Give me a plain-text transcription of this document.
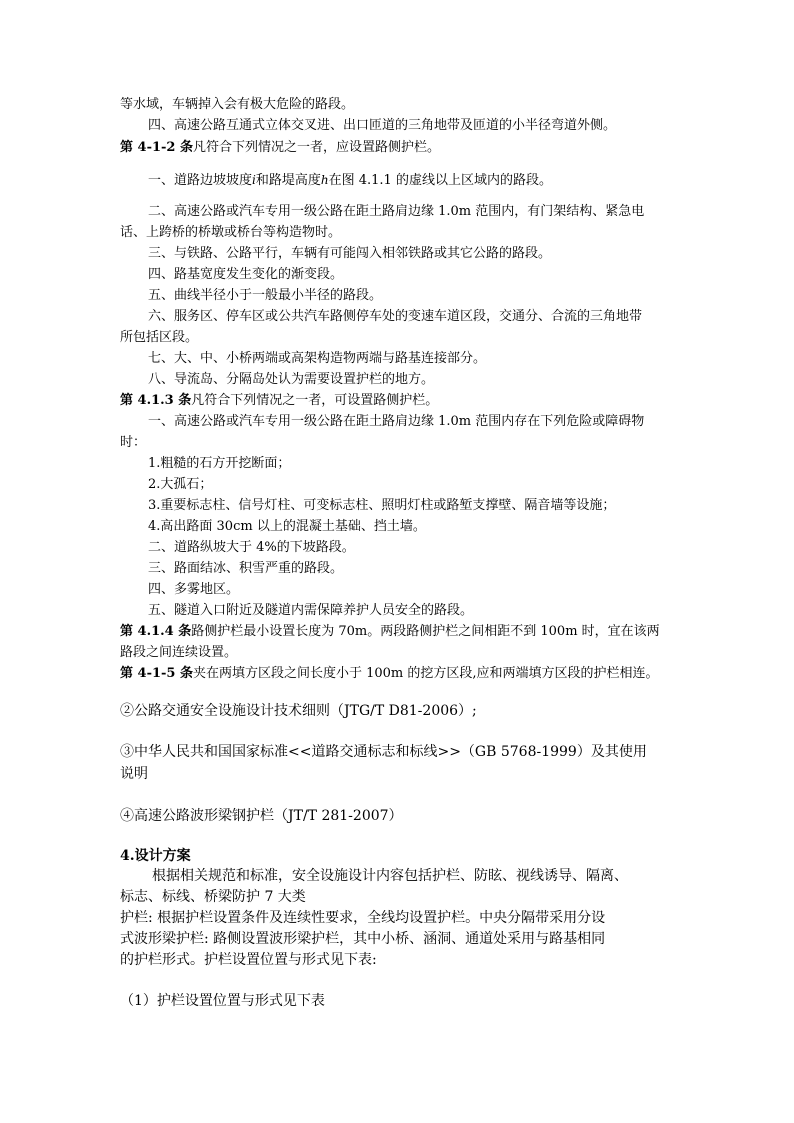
等水域，车辆掉入会有极大危险的路段。
四、高速公路互通式立体交叉进、出口匝道的三角地带及匝道的小半径弯道外侧。
第 4-1-2 条凡符合下列情况之一者，应设置路侧护栏。
一、道路边坡坡度i和路堤高度h在图 4.1.1 的虚线以上区域内的路段。
二、高速公路或汽车专用一级公路在距土路肩边缘 1.0m 范围内，有门架结构、紧急电
话、上跨桥的桥墩或桥台等构造物时。
三、与铁路、公路平行，车辆有可能闯入相邻铁路或其它公路的路段。
四、路基宽度发生变化的渐变段。
五、曲线半径小于一般最小半径的路段。
六、服务区、停车区或公共汽车路侧停车处的变速车道区段，交通分、合流的三角地带
所包括区段。
七、大、中、小桥两端或高架构造物两端与路基连接部分。
八、导流岛、分隔岛处认为需要设置护栏的地方。
第 4.1.3 条凡符合下列情况之一者，可设置路侧护栏。
一、高速公路或汽车专用一级公路在距土路肩边缘 1.0m 范围内存在下列危险或障碍物
时：
1.粗糙的石方开挖断面；
2.大孤石；
3.重要标志柱、信号灯柱、可变标志柱、照明灯柱或路堑支撑壁、隔音墙等设施；
4.高出路面 30cm 以上的混凝土基础、挡土墙。
二、道路纵坡大于 4%的下坡路段。
三、路面结冰、积雪严重的路段。
四、多雾地区。
五、隧道入口附近及隧道内需保障养护人员安全的路段。
第 4.1.4 条路侧护栏最小设置长度为 70m。两段路侧护栏之间相距不到 100m 时，宜在该两
路段之间连续设置。
第 4-1-5 条夹在两填方区段之间长度小于 100m 的挖方区段,应和两端填方区段的护栏相连。
②公路交通安全设施设计技术细则（JTG/T D81-2006）;
③中华人民共和国国家标准<<道路交通标志和标线>>（GB 5768-1999）及其使用
说明
④高速公路波形梁钢护栏（JT/T 281-2007）
4.设计方案
根据相关规范和标准，安全设施设计内容包括护栏、防眩、视线诱导、隔离、
标志、标线、桥梁防护 7 大类
护栏: 根据护栏设置条件及连续性要求，全线均设置护栏。中央分隔带采用分设
式波形梁护栏: 路侧设置波形梁护栏，其中小桥、涵洞、通道处采用与路基相同
的护栏形式。护栏设置位置与形式见下表:
（1）护栏设置位置与形式见下表
